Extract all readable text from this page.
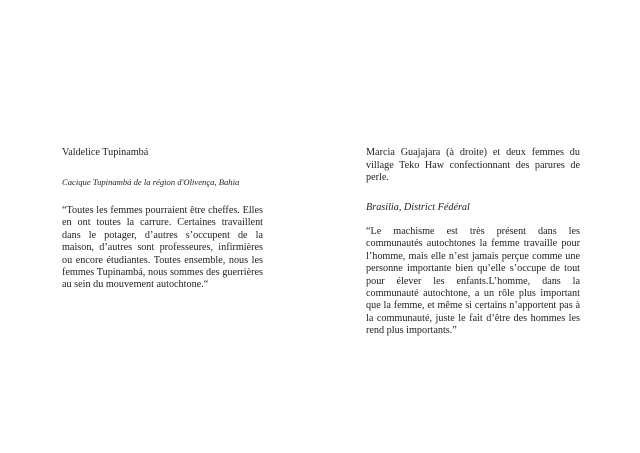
Valdelice Tupinambá
Cacique Tupinambá de la région d'Olivença, Bahia

“Toutes les femmes pourraient être cheffes. Elles en ont toutes la carrure. Certaines travaillent dans le potager, d’autres s’occupent de la maison, d’autres sont professeures, infirmières ou encore étudiantes. Toutes ensemble, nous les femmes Tupinambá, nous sommes des guerrières au sein du mouvement autochtone.“

Marcia Guajajara (à droite) et deux femmes du village Teko Haw confectionnant des parures de perle.
Brasilia, District Fédéral

“Le machisme est très présent dans les communautés autochtones la femme travaille pour l’homme, mais elle n’est jamais perçue comme une personne importante bien qu’elle s’occupe de tout pour élever les enfants.L’homme, dans la communauté autochtone, a un rôle plus important que la femme, et même si certains n’apportent pas à la communauté, juste le fait d’être des hommes les rend plus importants.”
